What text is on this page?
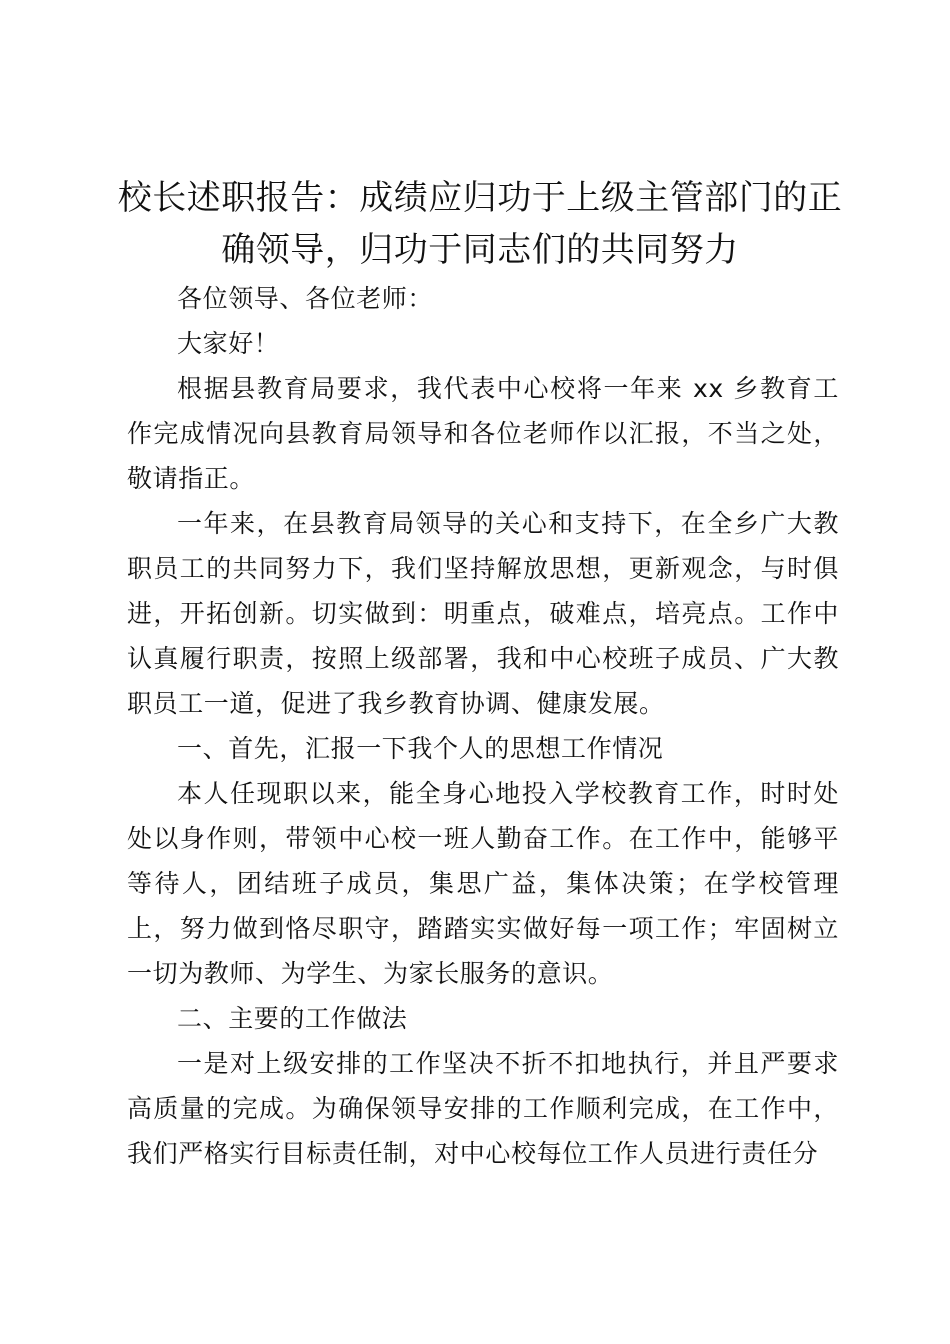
校长述职报告：成绩应归功于上级主管部门的正确领导，归功于同志们的共同努力

各位领导、各位老师：

大家好！

根据县教育局要求，我代表中心校将一年来 xx 乡教育工作完成情况向县教育局领导和各位老师作以汇报，不当之处，敬请指正。

一年来，在县教育局领导的关心和支持下，在全乡广大教职员工的共同努力下，我们坚持解放思想，更新观念，与时俱进，开拓创新。切实做到：明重点，破难点，培亮点。工作中认真履行职责，按照上级部署，我和中心校班子成员、广大教职员工一道，促进了我乡教育协调、健康发展。

一、首先，汇报一下我个人的思想工作情况

本人任现职以来，能全身心地投入学校教育工作，时时处处以身作则，带领中心校一班人勤奋工作。在工作中，能够平等待人，团结班子成员，集思广益，集体决策；在学校管理上，努力做到恪尽职守，踏踏实实做好每一项工作；牢固树立一切为教师、为学生、为家长服务的意识。

二、主要的工作做法

一是对上级安排的工作坚决不折不扣地执行，并且严要求高质量的完成。为确保领导安排的工作顺利完成，在工作中，我们严格实行目标责任制，对中心校每位工作人员进行责任分
